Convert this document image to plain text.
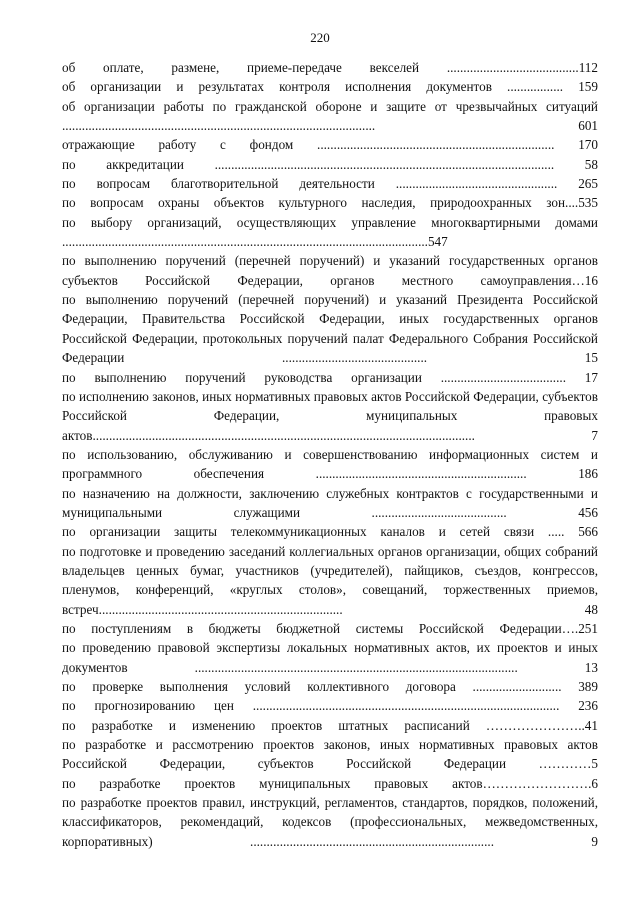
220
об оплате, размене, приеме-передаче векселей ........................................112
об организации и результатах контроля исполнения документов ................. 159
об организации работы по гражданской обороне и защите от чрезвычайных ситуаций ............................................................................................... 601
отражающие работу с фондом ........................................................................ 170
по аккредитации ....................................................................................................... 58
по вопросам благотворительной деятельности ................................................. 265
по вопросам охраны объектов культурного наследия, природоохранных зон....535
по выбору организаций, осуществляющих управление многоквартирными домами ...............................................................................................................547
по выполнению поручений (перечней поручений) и указаний государственных органов субъектов Российской Федерации, органов местного самоуправления…16
по выполнению поручений (перечней поручений) и указаний Президента Российской Федерации, Правительства Российской Федерации, иных государственных органов Российской Федерации, протокольных поручений палат Федерального Собрания Российской Федерации ............................................ 15
по выполнению поручений руководства организации ...................................... 17
по исполнению законов, иных нормативных правовых актов Российской Федерации, субъектов Российской Федерации, муниципальных правовых актов.................................................................................................................... 7
по использованию, обслуживанию и совершенствованию информационных систем и программного обеспечения ................................................................ 186
по назначению на должности, заключению служебных контрактов с государственными и муниципальными служащими ......................................... 456
по организации защиты телекоммуникационных каналов и сетей связи ..... 566
по подготовке и проведению заседаний коллегиальных органов организации, общих собраний владельцев ценных бумаг, участников (учредителей), пайщиков, съездов, конгрессов, пленумов, конференций, «круглых столов», совещаний, торжественных приемов, встреч.......................................................................... 48
по поступлениям в бюджеты бюджетной системы Российской Федерации….251
по проведению правовой экспертизы локальных нормативных актов, их проектов и иных документов .................................................................................................. 13
по проверке выполнения условий коллективного договора ........................... 389
по прогнозированию цен ............................................................................................. 236
по разработке и изменению проектов штатных расписаний …………………..41
по разработке и рассмотрению проектов законов, иных нормативных правовых актов Российской Федерации, субъектов Российской Федерации …………5
по разработке проектов муниципальных правовых актов…………………….6
по разработке проектов правил, инструкций, регламентов, стандартов, порядков, положений, классификаторов, рекомендаций, кодексов (профессиональных, межведомственных, корпоративных) .......................................................................... 9
